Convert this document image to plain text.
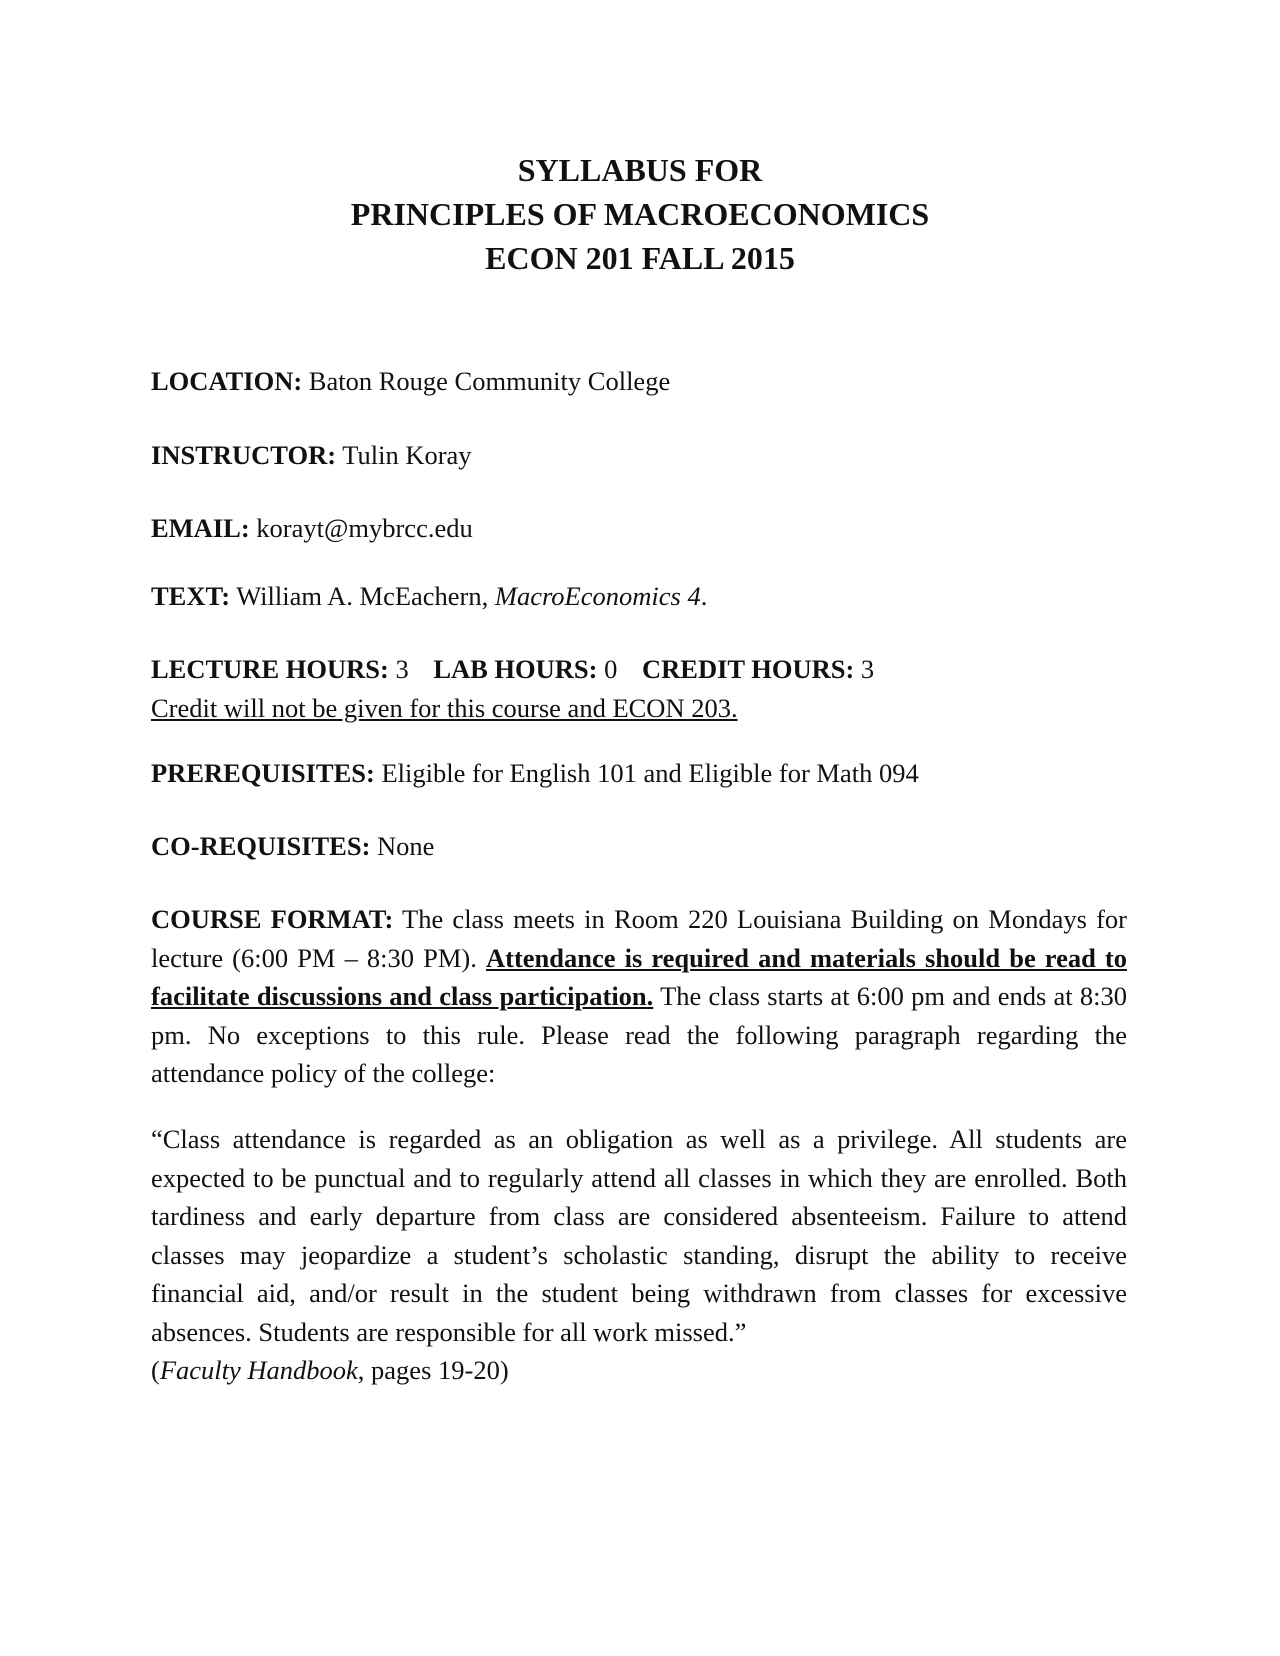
SYLLABUS FOR
PRINCIPLES OF MACROECONOMICS
ECON 201 FALL 2015
LOCATION: Baton Rouge Community College
INSTRUCTOR: Tulin Koray
EMAIL: korayt@mybrcc.edu
TEXT: William A. McEachern, MacroEconomics 4.
LECTURE HOURS: 3 LAB HOURS: 0 CREDIT HOURS: 3
Credit will not be given for this course and ECON 203.
PREREQUISITES: Eligible for English 101 and Eligible for Math 094
CO-REQUISITES: None
COURSE FORMAT: The class meets in Room 220 Louisiana Building on Mondays for lecture (6:00 PM – 8:30 PM). Attendance is required and materials should be read to facilitate discussions and class participation. The class starts at 6:00 pm and ends at 8:30 pm. No exceptions to this rule. Please read the following paragraph regarding the attendance policy of the college:
“Class attendance is regarded as an obligation as well as a privilege. All students are expected to be punctual and to regularly attend all classes in which they are enrolled. Both tardiness and early departure from class are considered absenteeism. Failure to attend classes may jeopardize a student’s scholastic standing, disrupt the ability to receive financial aid, and/or result in the student being withdrawn from classes for excessive absences. Students are responsible for all work missed.”
(Faculty Handbook, pages 19-20)
